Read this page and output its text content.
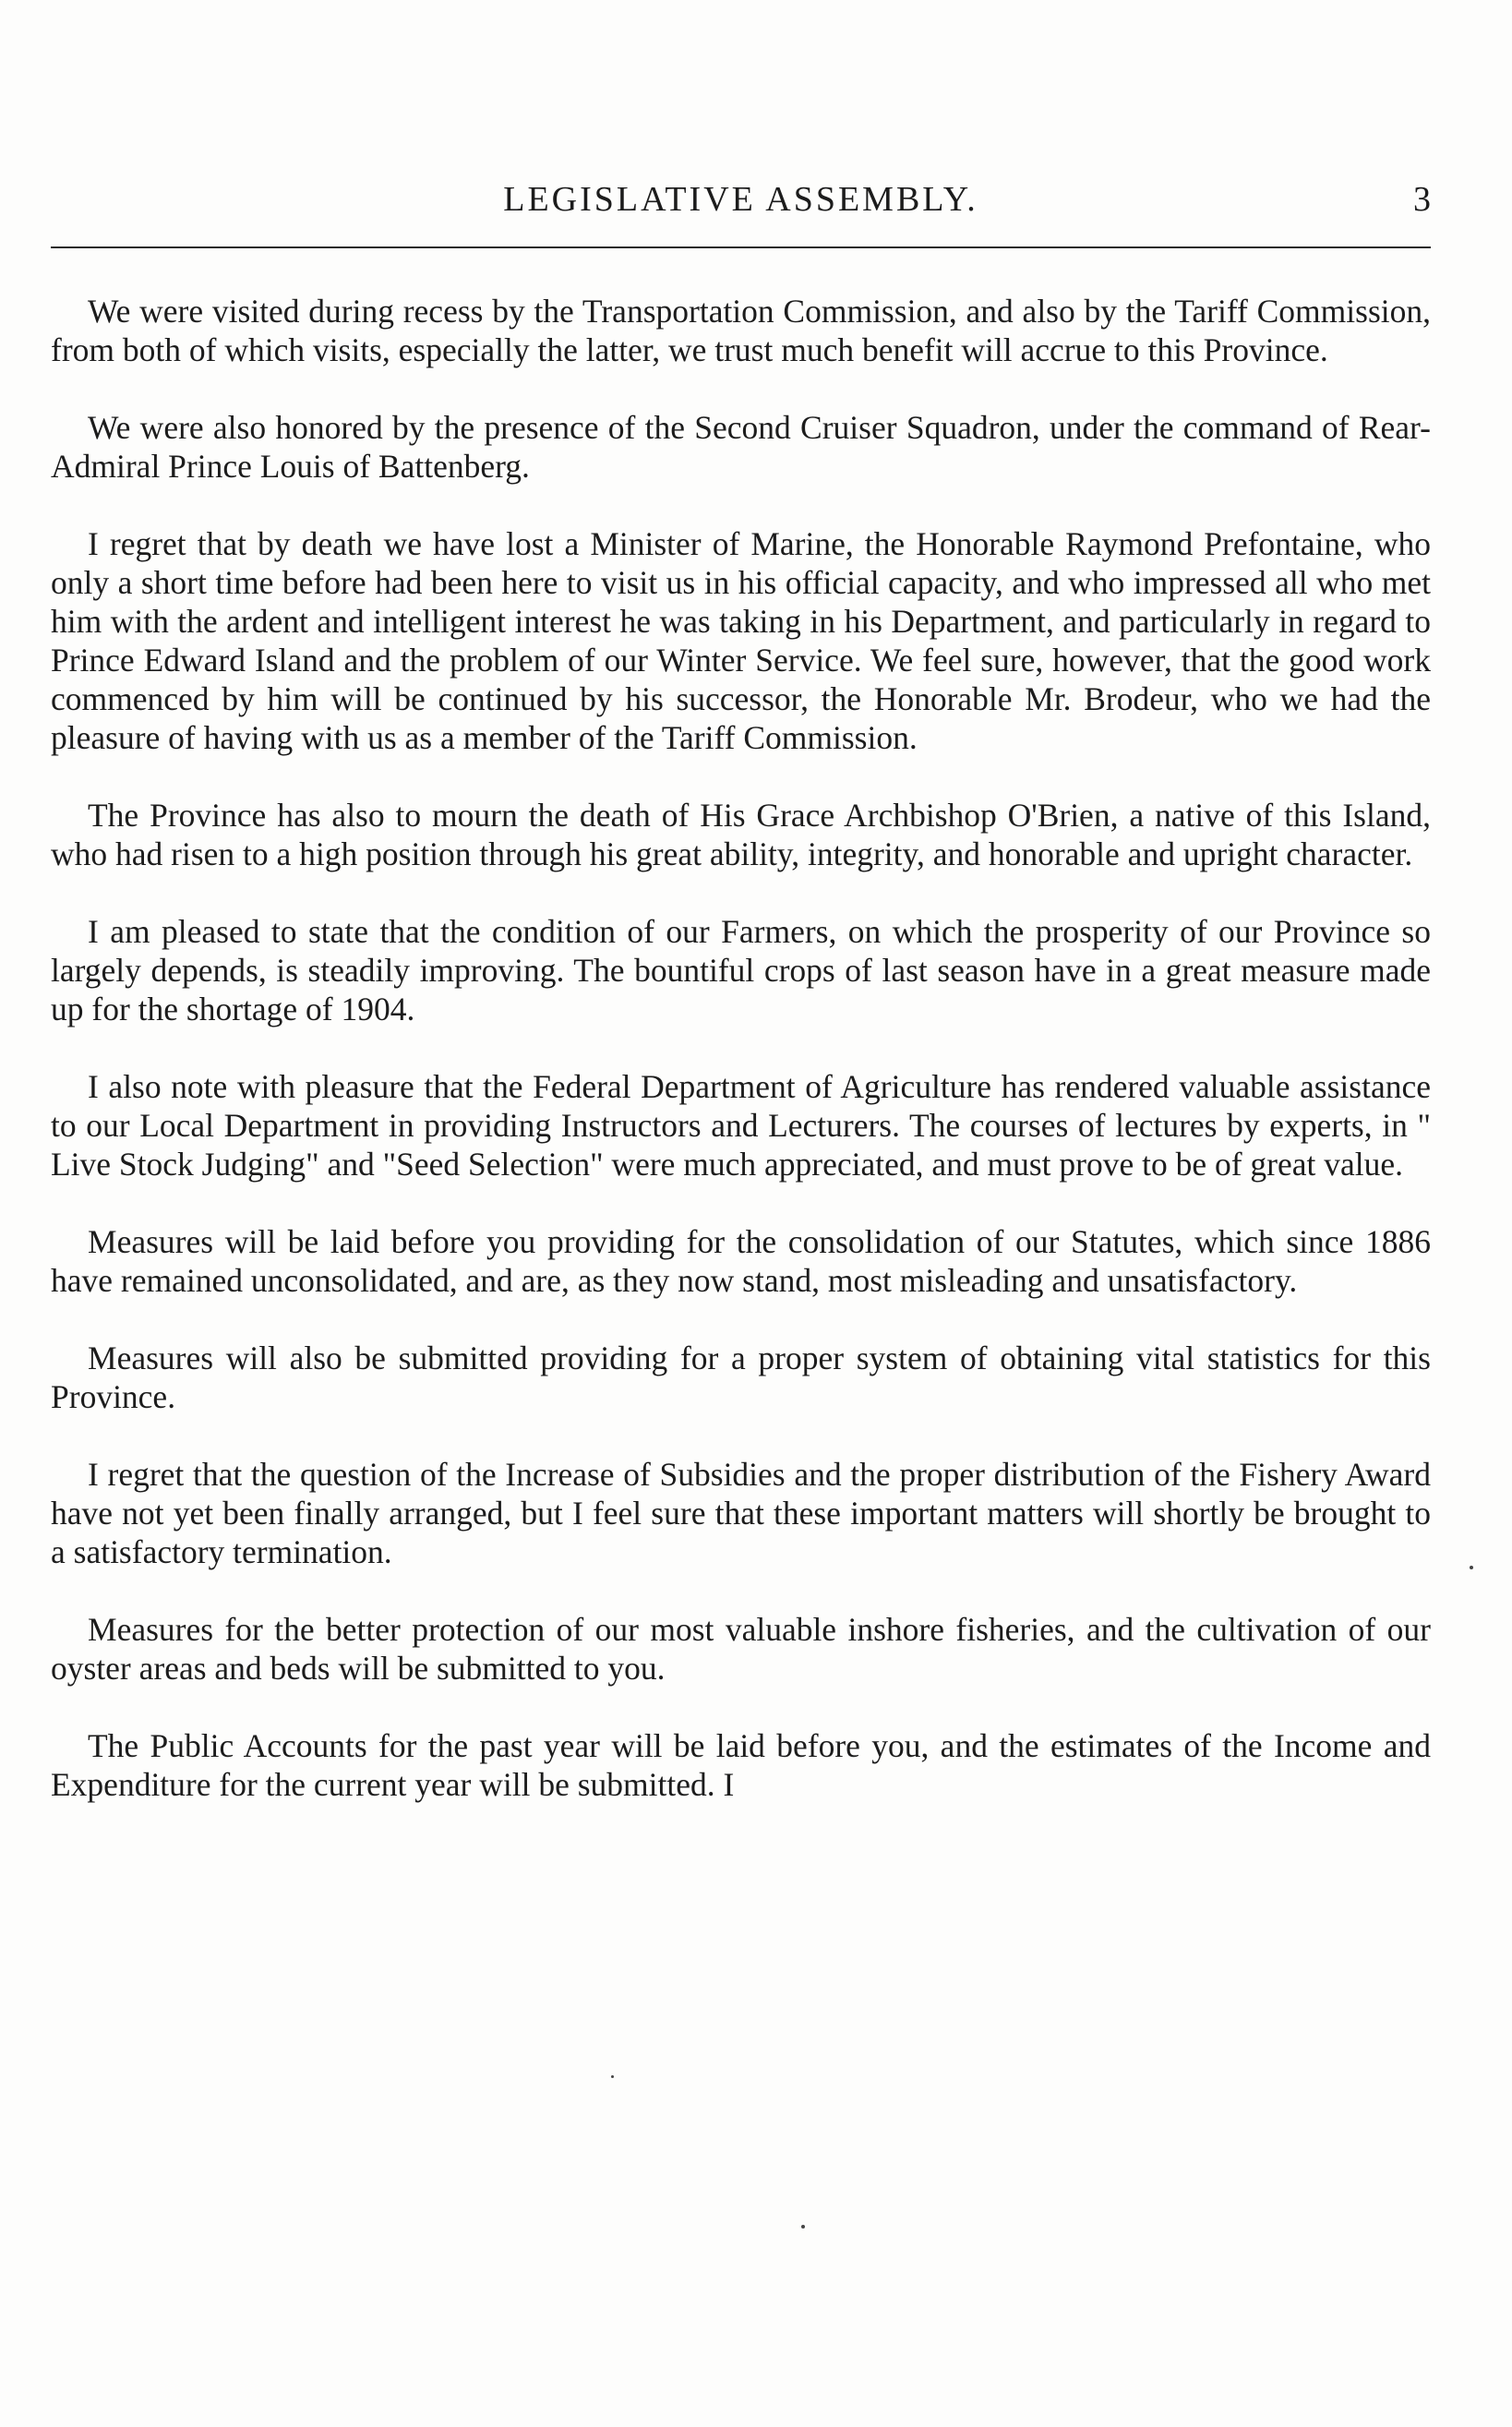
LEGISLATIVE ASSEMBLY.	3

We were visited during recess by the Transportation Commission, and also by the Tariff Commission, from both of which visits, especially the latter, we trust much benefit will accrue to this Province.

We were also honored by the presence of the Second Cruiser Squadron, under the command of Rear-Admiral Prince Louis of Battenberg.

I regret that by death we have lost a Minister of Marine, the Honorable Raymond Prefontaine, who only a short time before had been here to visit us in his official capacity, and who impressed all who met him with the ardent and intelligent interest he was taking in his Department, and particularly in regard to Prince Edward Island and the problem of our Winter Service. We feel sure, however, that the good work commenced by him will be continued by his successor, the Honorable Mr. Brodeur, who we had the pleasure of having with us as a member of the Tariff Commission.

The Province has also to mourn the death of His Grace Archbishop O'Brien, a native of this Island, who had risen to a high position through his great ability, integrity, and honorable and upright character.

I am pleased to state that the condition of our Farmers, on which the prosperity of our Province so largely depends, is steadily improving. The bountiful crops of last season have in a great measure made up for the shortage of 1904.

I also note with pleasure that the Federal Department of Agriculture has rendered valuable assistance to our Local Department in providing Instructors and Lecturers. The courses of lectures by experts, in " Live Stock Judging" and "Seed Selection" were much appreciated, and must prove to be of great value.

Measures will be laid before you providing for the consolidation of our Statutes, which since 1886 have remained unconsolidated, and are, as they now stand, most misleading and unsatisfactory.

Measures will also be submitted providing for a proper system of obtaining vital statistics for this Province.

I regret that the question of the Increase of Subsidies and the proper distribution of the Fishery Award have not yet been finally arranged, but I feel sure that these important matters will shortly be brought to a satisfactory termination.

Measures for the better protection of our most valuable inshore fisheries, and the cultivation of our oyster areas and beds will be submitted to you.

The Public Accounts for the past year will be laid before you, and the estimates of the Income and Expenditure for the current year will be submitted. I
